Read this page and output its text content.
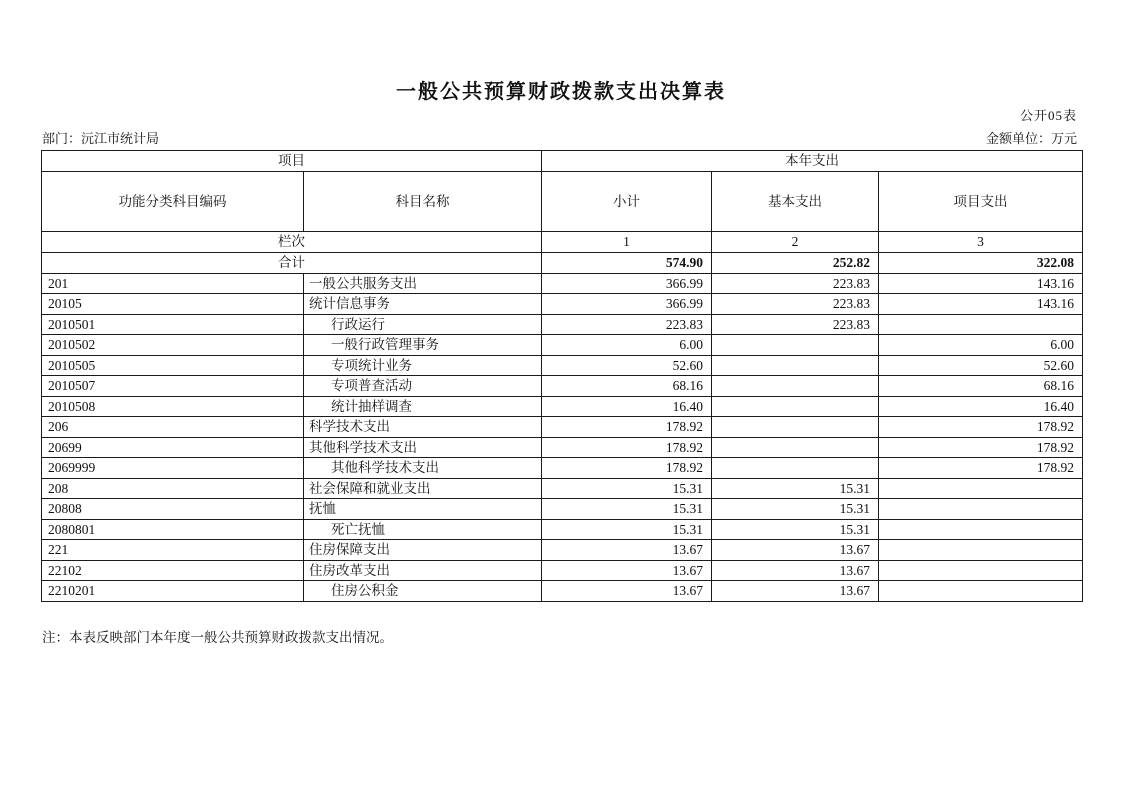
一般公共预算财政拨款支出决算表
公开05表
部门：沅江市统计局	金额单位：万元
项目		本年支出		
功能分类科目编码	科目名称	小计	基本支出	项目支出
栏次		1	2	3
合计		574.90	252.82	322.08
201	一般公共服务支出	366.99	223.83	143.16
20105	统计信息事务	366.99	223.83	143.16
2010501	行政运行	223.83	223.83	
2010502	一般行政管理事务	6.00		6.00
2010505	专项统计业务	52.60		52.60
2010507	专项普查活动	68.16		68.16
2010508	统计抽样调查	16.40		16.40
206	科学技术支出	178.92		178.92
20699	其他科学技术支出	178.92		178.92
2069999	其他科学技术支出	178.92		178.92
208	社会保障和就业支出	15.31	15.31	
20808	抚恤	15.31	15.31	
2080801	死亡抚恤	15.31	15.31	
221	住房保障支出	13.67	13.67	
22102	住房改革支出	13.67	13.67	
2210201	住房公积金	13.67	13.67	
注：本表反映部门本年度一般公共预算财政拨款支出情况。
